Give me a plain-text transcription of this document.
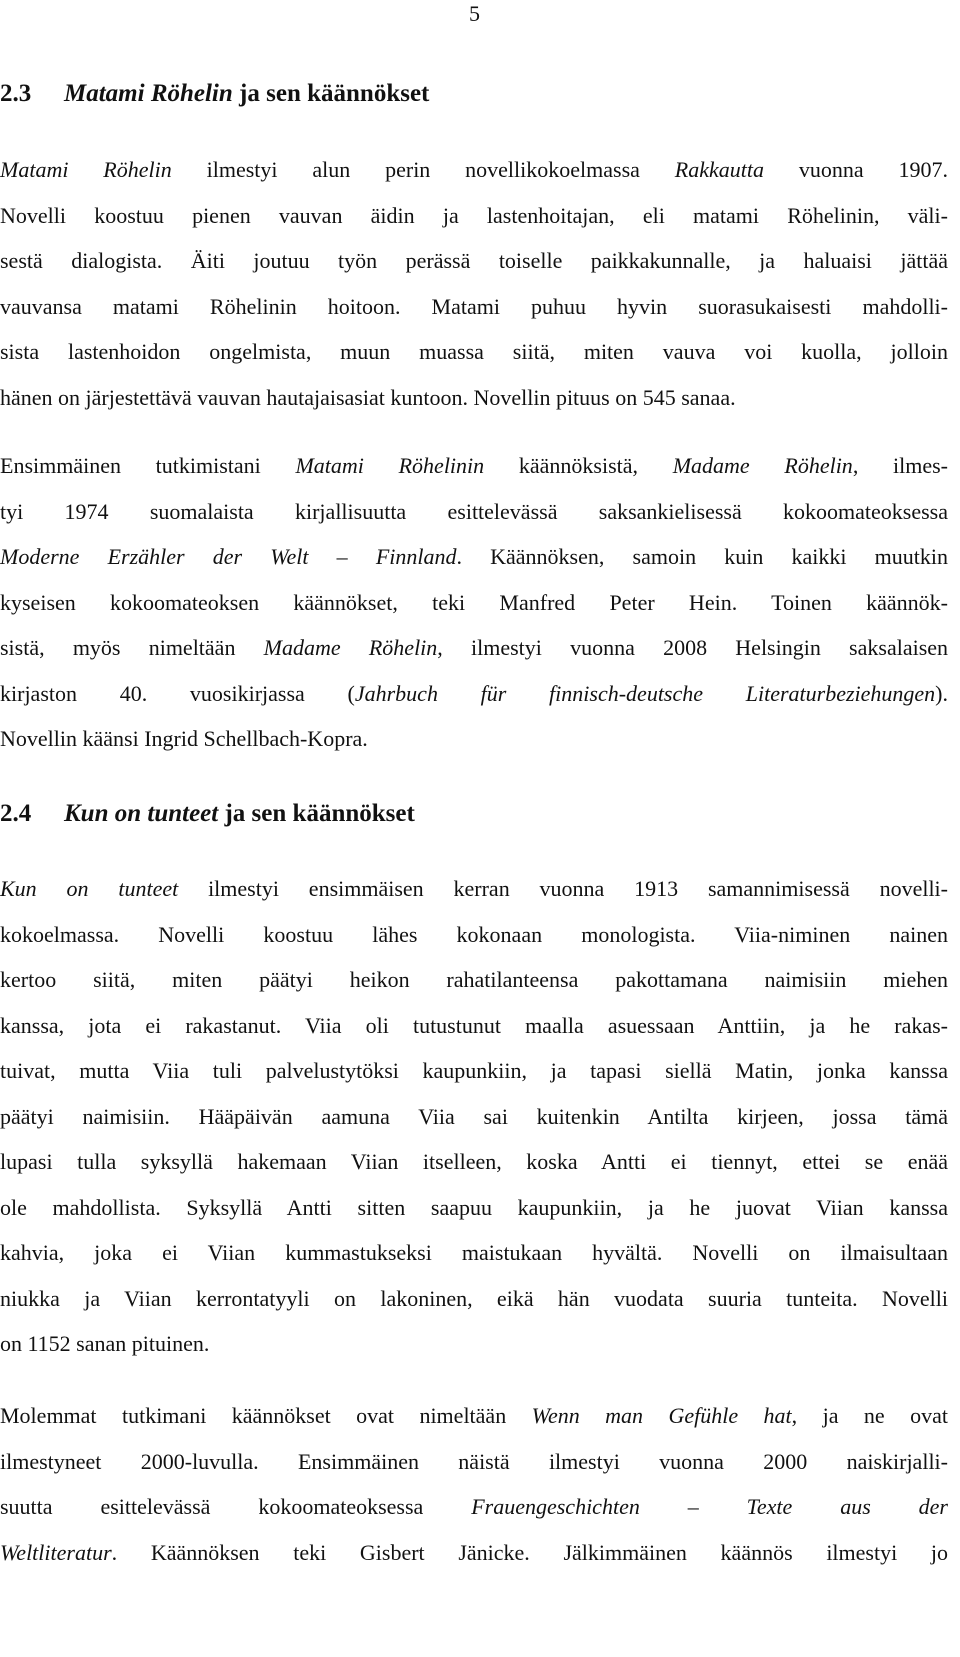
5
2.3 Matami Röhelin ja sen käännökset
Matami Röhelin ilmestyi alun perin novellikokoelmassa Rakkautta vuonna 1907.
Novelli koostuu pienen vauvan äidin ja lastenhoitajan, eli matami Röhelinin, väli-
sestä dialogista. Äiti joutuu työn perässä toiselle paikkakunnalle, ja haluaisi jättää
vauvansa matami Röhelinin hoitoon. Matami puhuu hyvin suorasukaisesti mahdolli-
sista lastenhoidon ongelmista, muun muassa siitä, miten vauva voi kuolla, jolloin
hänen on järjestettävä vauvan hautajaisasiat kuntoon. Novellin pituus on 545 sanaa.
Ensimmäinen tutkimistani Matami Röhelinin käännöksistä, Madame Röhelin, ilmes-
tyi 1974 suomalaista kirjallisuutta esittelevässä saksankielisessä kokoomateoksessa
Moderne Erzähler der Welt – Finnland. Käännöksen, samoin kuin kaikki muutkin
kyseisen kokoomateoksen käännökset, teki Manfred Peter Hein. Toinen käännök-
sistä, myös nimeltään Madame Röhelin, ilmestyi vuonna 2008 Helsingin saksalaisen
kirjaston 40. vuosikirjassa (Jahrbuch für finnisch-deutsche Literaturbeziehungen).
Novellin käänsi Ingrid Schellbach-Kopra.
2.4 Kun on tunteet ja sen käännökset
Kun on tunteet ilmestyi ensimmäisen kerran vuonna 1913 samannimisessä novelli-
kokoelmassa. Novelli koostuu lähes kokonaan monologista. Viia-niminen nainen
kertoo siitä, miten päätyi heikon rahatilanteensa pakottamana naimisiin miehen
kanssa, jota ei rakastanut. Viia oli tutustunut maalla asuessaan Anttiin, ja he rakas-
tuivat, mutta Viia tuli palvelustytöksi kaupunkiin, ja tapasi siellä Matin, jonka kanssa
päätyi naimisiin. Hääpäivän aamuna Viia sai kuitenkin Antilta kirjeen, jossa tämä
lupasi tulla syksyllä hakemaan Viian itselleen, koska Antti ei tiennyt, ettei se enää
ole mahdollista. Syksyllä Antti sitten saapuu kaupunkiin, ja he juovat Viian kanssa
kahvia, joka ei Viian kummastukseksi maistukaan hyvältä. Novelli on ilmaisultaan
niukka ja Viian kerrontatyyli on lakoninen, eikä hän vuodata suuria tunteita. Novelli
on 1152 sanan pituinen.
Molemmat tutkimani käännökset ovat nimeltään Wenn man Gefühle hat, ja ne ovat
ilmestyneet 2000-luvulla. Ensimmäinen näistä ilmestyi vuonna 2000 naiskirjalli-
suutta esittelevässä kokoomateoksessa Frauengeschichten – Texte aus der
Weltliteratur. Käännöksen teki Gisbert Jänicke. Jälkimmäinen käännös ilmestyi jo
